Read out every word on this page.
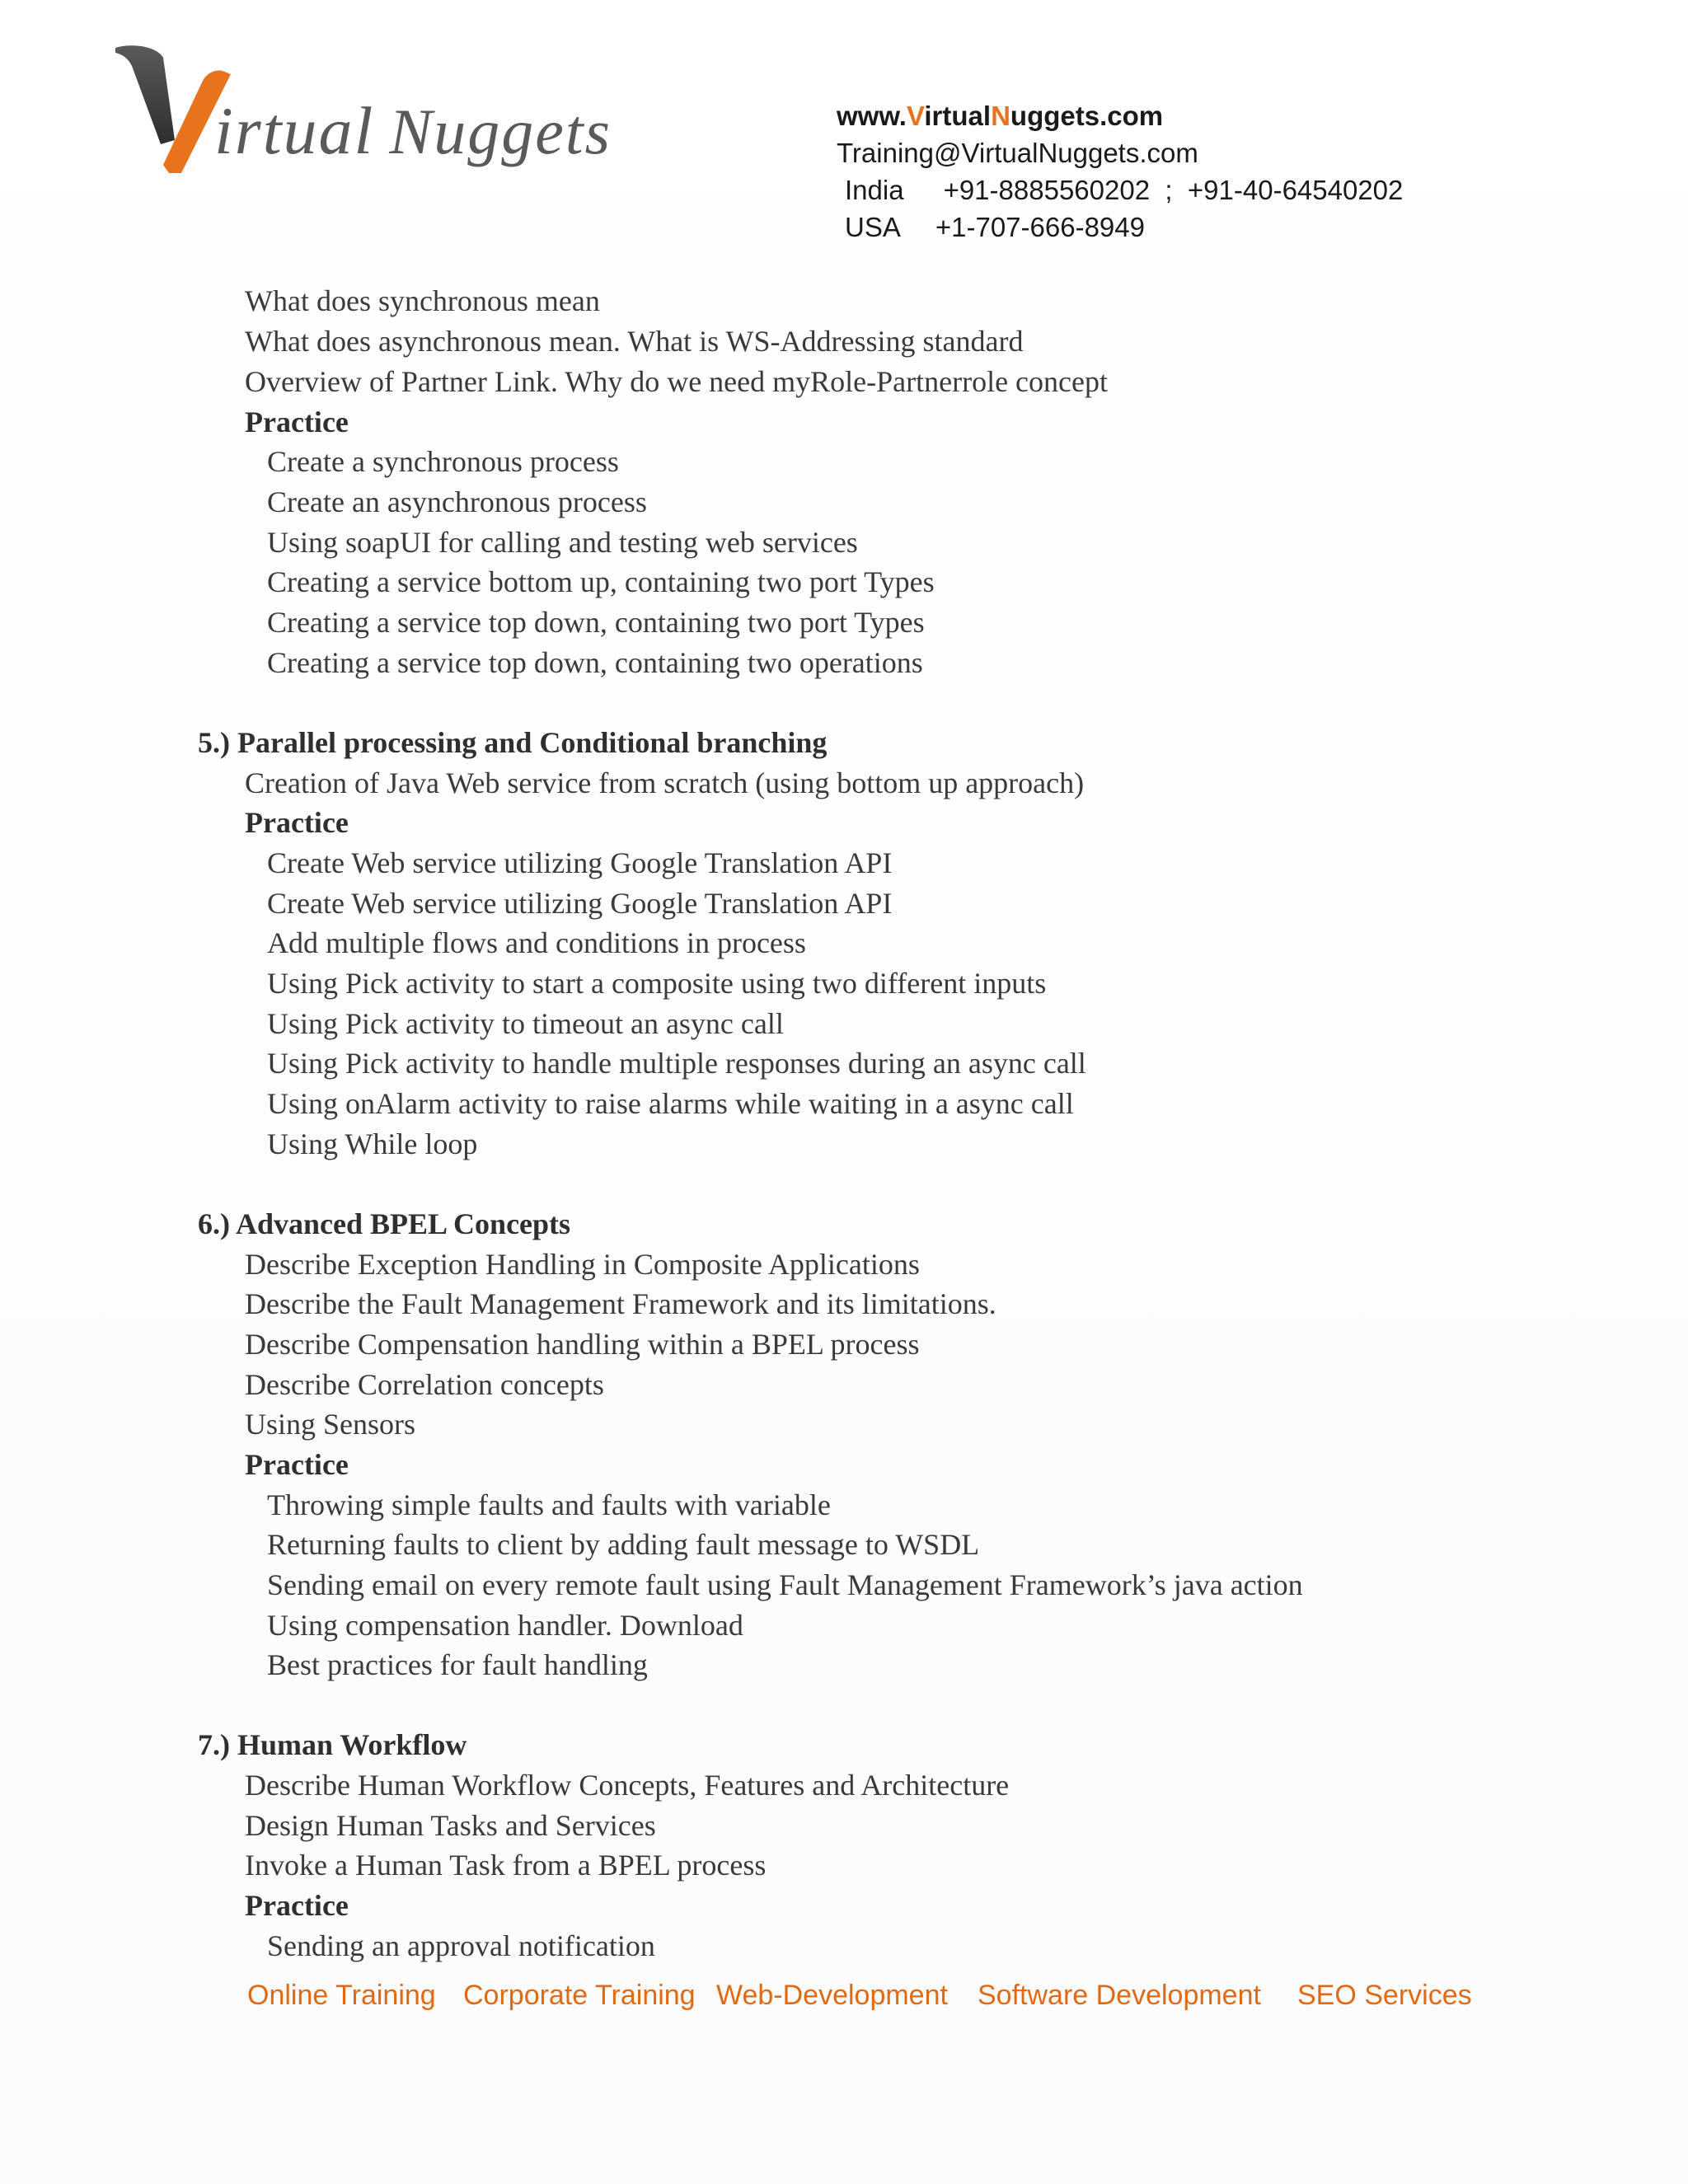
irtual Nuggets	www.VirtualNuggets.com
Training@VirtualNuggets.com
India +91-8885560202  ;  +91-40-64540202
USA +1-707-666-8949
What does synchronous mean
What does asynchronous mean. What is WS-Addressing standard
Overview of Partner Link. Why do we need myRole-Partnerrole concept
Practice
Create a synchronous process
Create an asynchronous process
Using soapUI for calling and testing web services
Creating a service bottom up, containing two port Types
Creating a service top down, containing two port Types
Creating a service top down, containing two operations
5.) Parallel processing and Conditional branching
Creation of Java Web service from scratch (using bottom up approach)
Practice
Create Web service utilizing Google Translation API
Create Web service utilizing Google Translation API
Add multiple flows and conditions in process
Using Pick activity to start a composite using two different inputs
Using Pick activity to timeout an async call
Using Pick activity to handle multiple responses during an async call
Using onAlarm activity to raise alarms while waiting in a async call
Using While loop
6.) Advanced BPEL Concepts
Describe Exception Handling in Composite Applications
Describe the Fault Management Framework and its limitations.
Describe Compensation handling within a BPEL process
Describe Correlation concepts
Using Sensors
Practice
Throwing simple faults and faults with variable
Returning faults to client by adding fault message to WSDL
Sending email on every remote fault using Fault Management Framework’s java action
Using compensation handler. Download
Best practices for fault handling
7.) Human Workflow
Describe Human Workflow Concepts, Features and Architecture
Design Human Tasks and Services
Invoke a Human Task from a BPEL process
Practice
Sending an approval notification
Online Training Corporate Training Web-Development Software Development SEO Services
